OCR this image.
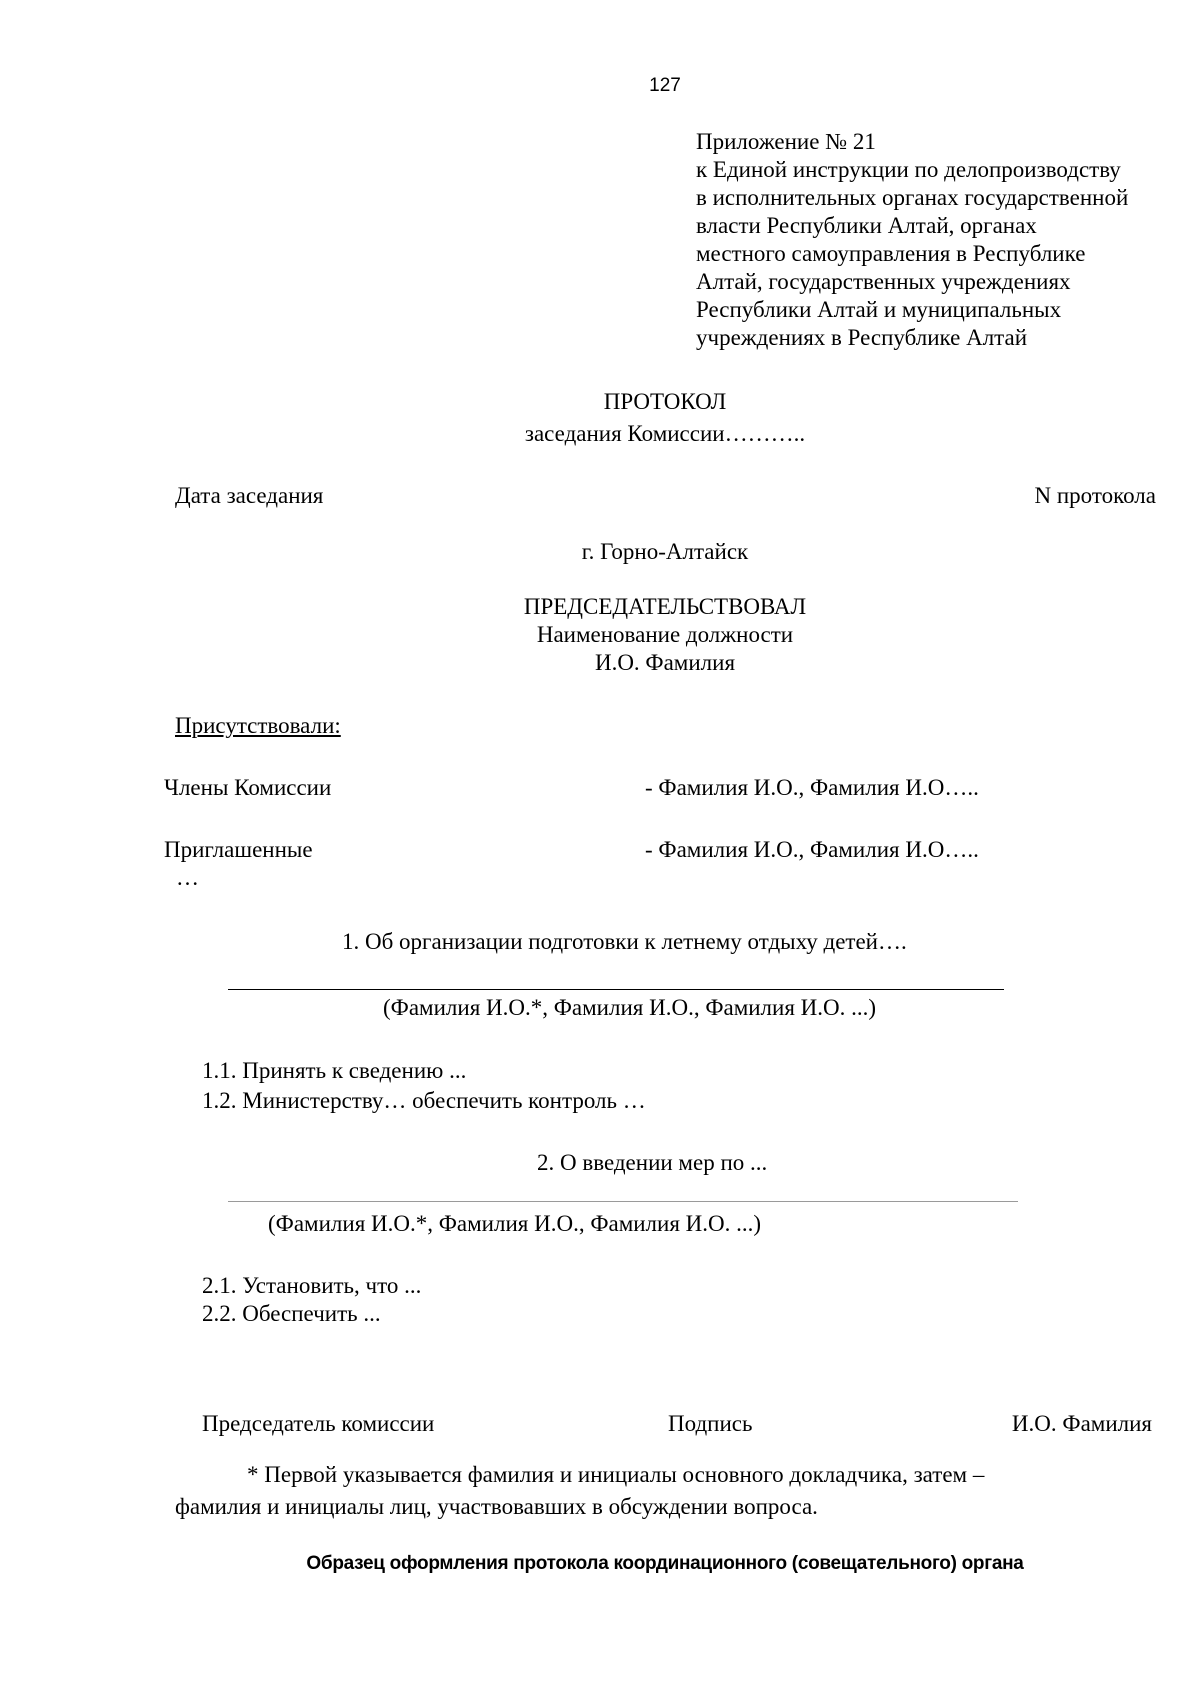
127
Приложение № 21
к Единой инструкции по делопроизводству
в исполнительных органах государственной
власти Республики Алтай, органах
местного самоуправления в Республике
Алтай, государственных учреждениях
Республики Алтай и муниципальных
учреждениях в Республике Алтай
ПРОТОКОЛ
заседания Комиссии………..
Дата заседания	N протокола
г. Горно-Алтайск
ПРЕДСЕДАТЕЛЬСТВОВАЛ
Наименование должности
И.О. Фамилия
Присутствовали:
Члены Комиссии	- Фамилия И.О., Фамилия И.О…..
Приглашенные	- Фамилия И.О., Фамилия И.О…..
…
1. Об организации подготовки к летнему отдыху детей….
(Фамилия И.О.*, Фамилия И.О., Фамилия И.О. ...)
1.1. Принять к сведению ...
1.2. Министерству… обеспечить контроль …
2. О введении мер по ...
(Фамилия И.О.*, Фамилия И.О., Фамилия И.О. ...)
2.1. Установить, что ...
2.2. Обеспечить ...
Председатель комиссии	Подпись	И.О. Фамилия
* Первой указывается фамилия и инициалы основного докладчика, затем –
фамилия и инициалы лиц, участвовавших в обсуждении вопроса.
Образец оформления протокола координационного (совещательного) органа
